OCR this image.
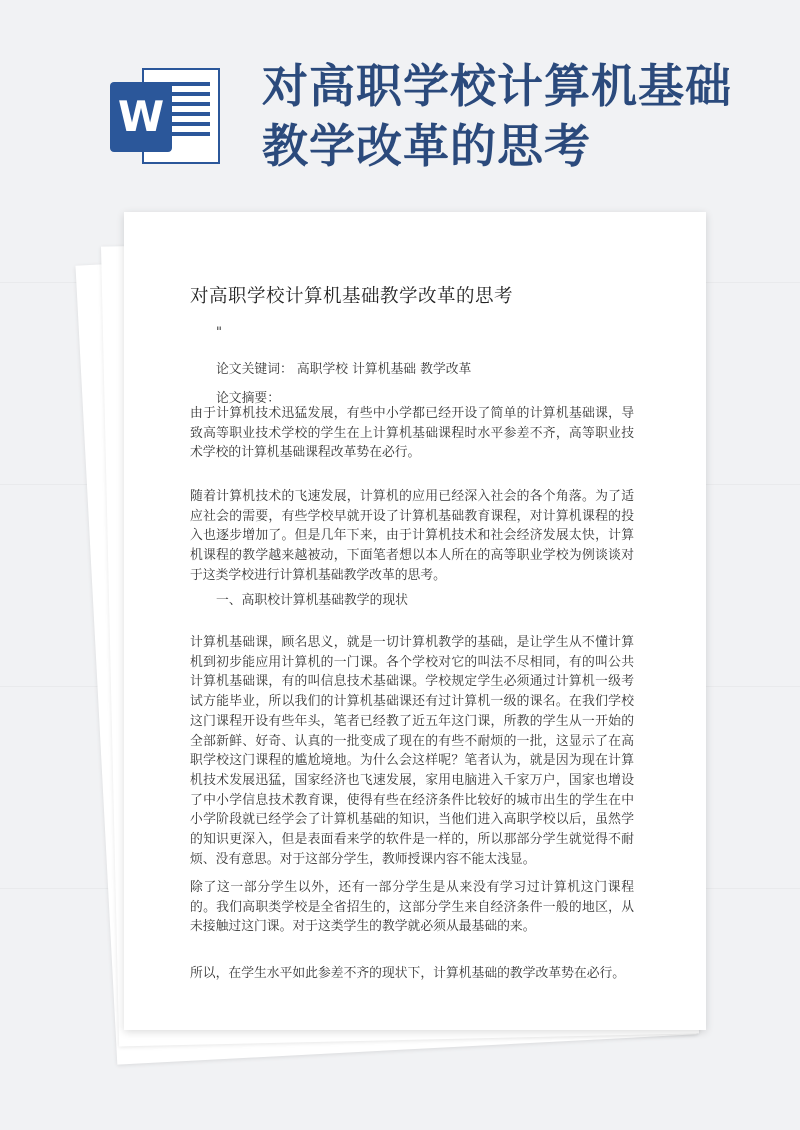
W
对高职学校计算机基础
教学改革的思考
对高职学校计算机基础教学改革的思考
"
论文关键词： 高职学校 计算机基础 教学改革
论文摘要：
由于计算机技术迅猛发展，有些中小学都已经开设了简单的计算机基础课，导致高等职业技术学校的学生在上计算机基础课程时水平参差不齐，高等职业技术学校的计算机基础课程改革势在必行。
随着计算机技术的飞速发展，计算机的应用已经深入社会的各个角落。为了适应社会的需要，有些学校早就开设了计算机基础教育课程，对计算机课程的投入也逐步增加了。但是几年下来，由于计算机技术和社会经济发展太快，计算机课程的教学越来越被动，下面笔者想以本人所在的高等职业学校为例谈谈对于这类学校进行计算机基础教学改革的思考。
一、高职校计算机基础教学的现状
计算机基础课，顾名思义，就是一切计算机教学的基础，是让学生从不懂计算机到初步能应用计算机的一门课。各个学校对它的叫法不尽相同，有的叫公共计算机基础课，有的叫信息技术基础课。学校规定学生必须通过计算机一级考试方能毕业，所以我们的计算机基础课还有过计算机一级的课名。在我们学校这门课程开设有些年头，笔者已经教了近五年这门课，所教的学生从一开始的全部新鲜、好奇、认真的一批变成了现在的有些不耐烦的一批，这显示了在高职学校这门课程的尴尬境地。为什么会这样呢？笔者认为，就是因为现在计算机技术发展迅猛，国家经济也飞速发展，家用电脑进入千家万户，国家也增设了中小学信息技术教育课，使得有些在经济条件比较好的城市出生的学生在中小学阶段就已经学会了计算机基础的知识，当他们进入高职学校以后，虽然学的知识更深入，但是表面看来学的软件是一样的，所以那部分学生就觉得不耐烦、没有意思。对于这部分学生，教师授课内容不能太浅显。
除了这一部分学生以外，还有一部分学生是从来没有学习过计算机这门课程的。我们高职类学校是全省招生的，这部分学生来自经济条件一般的地区，从未接触过这门课。对于这类学生的教学就必须从最基础的来。
所以，在学生水平如此参差不齐的现状下，计算机基础的教学改革势在必行。
